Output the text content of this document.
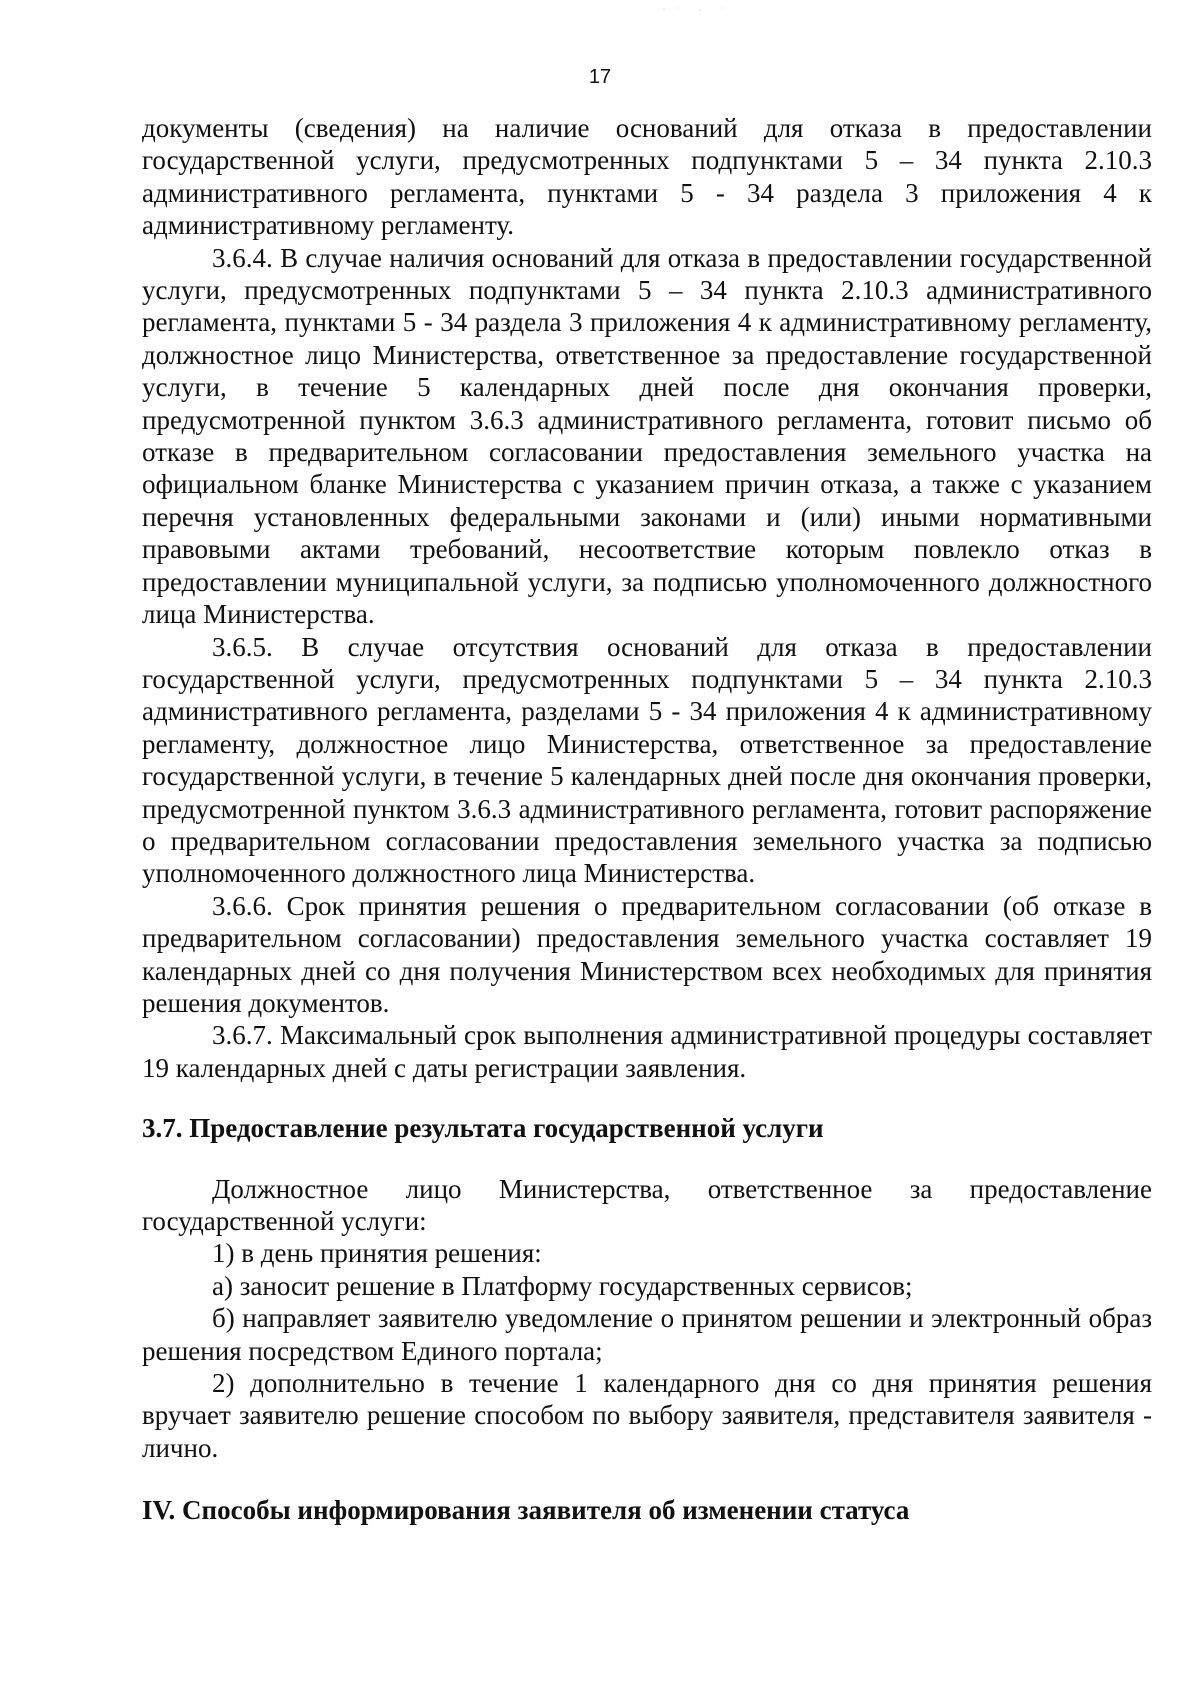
17

документы (сведения) на наличие оснований для отказа в предоставлении государственной услуги, предусмотренных подпунктами 5 – 34 пункта 2.10.3 административного регламента, пунктами 5 - 34 раздела 3 приложения 4 к административному регламенту.

3.6.4. В случае наличия оснований для отказа в предоставлении государственной услуги, предусмотренных подпунктами 5 – 34 пункта 2.10.3 административного регламента, пунктами 5 - 34 раздела 3 приложения 4 к административному регламенту, должностное лицо Министерства, ответственное за предоставление государственной услуги, в течение 5 календарных дней после дня окончания проверки, предусмотренной пунктом 3.6.3 административного регламента, готовит письмо об отказе в предварительном согласовании предоставления земельного участка на официальном бланке Министерства с указанием причин отказа, а также с указанием перечня установленных федеральными законами и (или) иными нормативными правовыми актами требований, несоответствие которым повлекло отказ в предоставлении муниципальной услуги, за подписью уполномоченного должностного лица Министерства.

3.6.5. В случае отсутствия оснований для отказа в предоставлении государственной услуги, предусмотренных подпунктами 5 – 34 пункта 2.10.3 административного регламента, разделами 5 - 34 приложения 4 к административному регламенту, должностное лицо Министерства, ответственное за предоставление государственной услуги, в течение 5 календарных дней после дня окончания проверки, предусмотренной пунктом 3.6.3 административного регламента, готовит распоряжение о предварительном согласовании предоставления земельного участка за подписью уполномоченного должностного лица Министерства.

3.6.6. Срок принятия решения о предварительном согласовании (об отказе в предварительном согласовании) предоставления земельного участка составляет 19 календарных дней со дня получения Министерством всех необходимых для принятия решения документов.

3.6.7. Максимальный срок выполнения административной процедуры составляет 19 календарных дней с даты регистрации заявления.

3.7. Предоставление результата государственной услуги

Должностное лицо Министерства, ответственное за предоставление государственной услуги:

1) в день принятия решения:

а) заносит решение в Платформу государственных сервисов;

б) направляет заявителю уведомление о принятом решении и электронный образ решения посредством Единого портала;

2) дополнительно в течение 1 календарного дня со дня принятия решения вручает заявителю решение способом по выбору заявителя, представителя заявителя - лично.

IV. Способы информирования заявителя об изменении статуса
